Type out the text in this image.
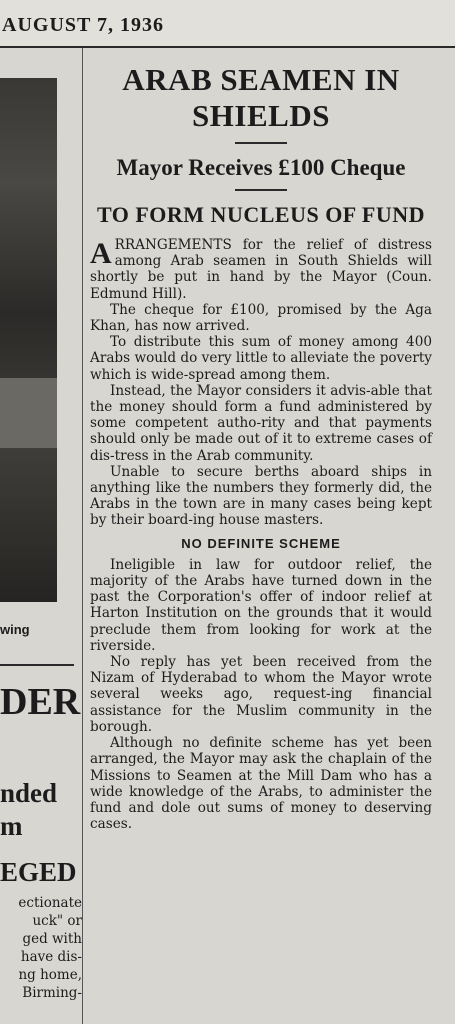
AUGUST 7, 1936
wing
DER
nded
m
EGED
ectionate
uck" or
ged with
have dis-
ng home,
Birming-
ARAB SEAMEN IN SHIELDS
Mayor Receives £100 Cheque
TO FORM NUCLEUS OF FUND

ARRANGEMENTS for the relief of distress among Arab seamen in South Shields will shortly be put in hand by the Mayor (Coun. Edmund Hill).

The cheque for £100, promised by the Aga Khan, has now arrived.

To distribute this sum of money among 400 Arabs would do very little to alleviate the poverty which is wide-spread among them.

Instead, the Mayor considers it advis-able that the money should form a fund administered by some competent autho-rity and that payments should only be made out of it to extreme cases of dis-tress in the Arab community.

Unable to secure berths aboard ships in anything like the numbers they formerly did, the Arabs in the town are in many cases being kept by their board-ing house masters.

NO DEFINITE SCHEME

Ineligible in law for outdoor relief, the majority of the Arabs have turned down in the past the Corporation's offer of indoor relief at Harton Institution on the grounds that it would preclude them from looking for work at the riverside.

No reply has yet been received from the Nizam of Hyderabad to whom the Mayor wrote several weeks ago, request-ing financial assistance for the Muslim community in the borough.

Although no definite scheme has yet been arranged, the Mayor may ask the chaplain of the Missions to Seamen at the Mill Dam who has a wide knowledge of the Arabs, to administer the fund and dole out sums of money to deserving cases.
